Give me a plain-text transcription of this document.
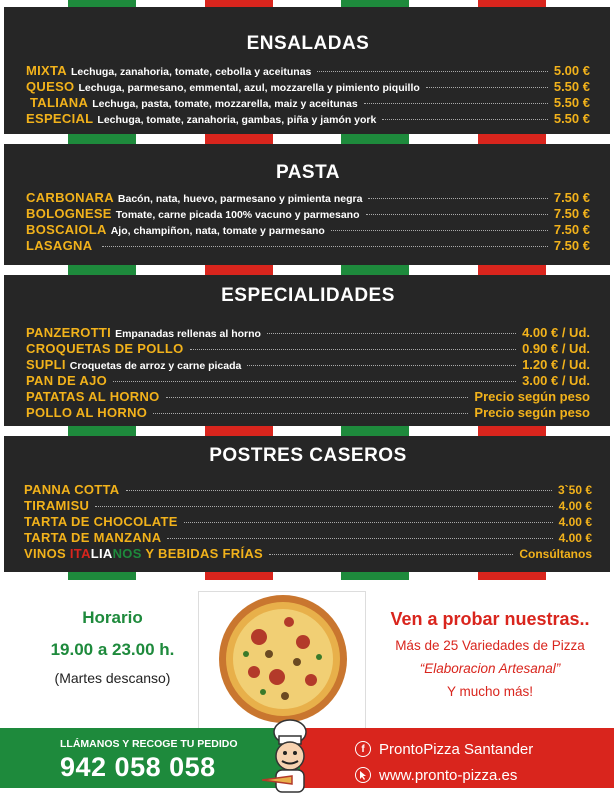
ENSALADAS
MIXTA Lechuga, zanahoria, tomate, cebolla y aceitunas	5.00 €
QUESO Lechuga, parmesano, emmental, azul, mozzarella y pimiento piquillo	5.50 €
TALIANA Lechuga, pasta, tomate, mozzarella, maiz y aceitunas	5.50 €
ESPECIAL Lechuga, tomate, zanahoria, gambas, piña y jamón york	5.50 €
PASTA
CARBONARA Bacón, nata, huevo, parmesano y pimienta negra	7.50 €
BOLOGNESE Tomate, carne picada 100% vacuno y parmesano	7.50 €
BOSCAIOLA Ajo, champiñon, nata, tomate y parmesano	7.50 €
LASAGNA	7.50 €
ESPECIALIDADES
PANZEROTTI Empanadas rellenas al horno	4.00 € / Ud.
CROQUETAS DE POLLO	0.90 € / Ud.
SUPLI Croquetas de arroz y carne picada	1.20 € / Ud.
PAN DE AJO	3.00 € / Ud.
PATATAS AL HORNO	Precio según peso
POLLO AL HORNO	Precio según peso
POSTRES CASEROS
PANNA COTTA	3`50 €
TIRAMISU	4.00 €
TARTA DE CHOCOLATE	4.00 €
TARTA DE MANZANA	4.00 €
VINOS ITA LIA NOS Y BEBIDAS FRÍAS	Consúltanos
Horario
19.00 a 23.00 h.
(Martes descanso)
Ven a probar nuestras..
Más de 25 Variedades de Pizza
“Elaboracion Artesanal”
Y mucho más!
LLÁMANOS Y RECOGE TU PEDIDO
942 058 058
f ProntoPizza Santander
www.pronto-pizza.es
